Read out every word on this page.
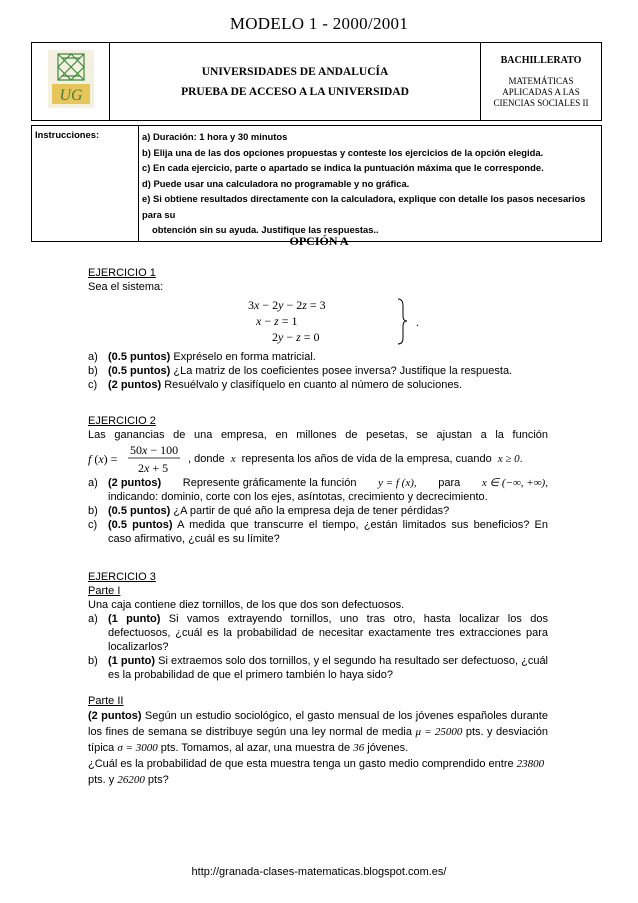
MODELO 1 - 2000/2001
UG

UNIVERSIDADES DE ANDALUCÍA
PRUEBA DE ACCESO A LA UNIVERSIDAD

BACHILLERATO
MATEMÁTICAS
APLICADAS A LAS
CIENCIAS SOCIALES II
Instrucciones:	a) Duración: 1 hora y 30 minutos
b) Elija una de las dos opciones propuestas y conteste los ejercicios de la opción elegida.
c) En cada ejercicio, parte o apartado se indica la puntuación máxima que le corresponde.
d) Puede usar una calculadora no programable y no gráfica.
e) Si obtiene resultados directamente con la calculadora, explique con detalle los pasos necesarios para su
obtención sin su ayuda. Justifique las respuestas..
OPCIÓN A
EJERCICIO 1
Sea el sistema:
3x − 2y − 2z = 3
x − z = 1
2y − z = 0
.
a) (0.5 puntos) Expréselo en forma matricial.
b) (0.5 puntos) ¿La matriz de los coeficientes posee inversa? Justifique la respuesta.
c) (2 puntos) Resuélvalo y clasifíquelo en cuanto al número de soluciones.
EJERCICIO 2
Las ganancias de una empresa, en millones de pesetas, se ajustan a la función
f (x) =
50x − 100
2x + 5
, donde x representa los años de vida de la empresa, cuando x ≥ 0 .
a) (2 puntos) Represente gráficamente la función y = f (x), para x ∈ (−∞, +∞),
indicando: dominio, corte con los ejes, asíntotas, crecimiento y decrecimiento.
b) (0.5 puntos) ¿A partir de qué año la empresa deja de tener pérdidas?
c) (0.5 puntos) A medida que transcurre el tiempo, ¿están limitados sus beneficios? En caso afirmativo, ¿cuál es su límite?
EJERCICIO 3
Parte I
Una caja contiene diez tornillos, de los que dos son defectuosos.
a) (1 punto) Si vamos extrayendo tornillos, uno tras otro, hasta localizar los dos defectuosos, ¿cuál es la probabilidad de necesitar exactamente tres extracciones para localizarlos?
b) (1 punto) Si extraemos solo dos tornillos, y el segundo ha resultado ser defectuoso, ¿cuál es la probabilidad de que el primero también lo haya sido?
Parte II
(2 puntos) Según un estudio sociológico, el gasto mensual de los jóvenes españoles durante los fines de semana se distribuye según una ley normal de media μ = 25000 pts. y desviación típica σ = 3000 pts. Tomamos, al azar, una muestra de 36 jóvenes.
¿Cuál es la probabilidad de que esta muestra tenga un gasto medio comprendido entre 23800 pts. y 26200 pts?
http://granada-clases-matematicas.blogspot.com.es/
